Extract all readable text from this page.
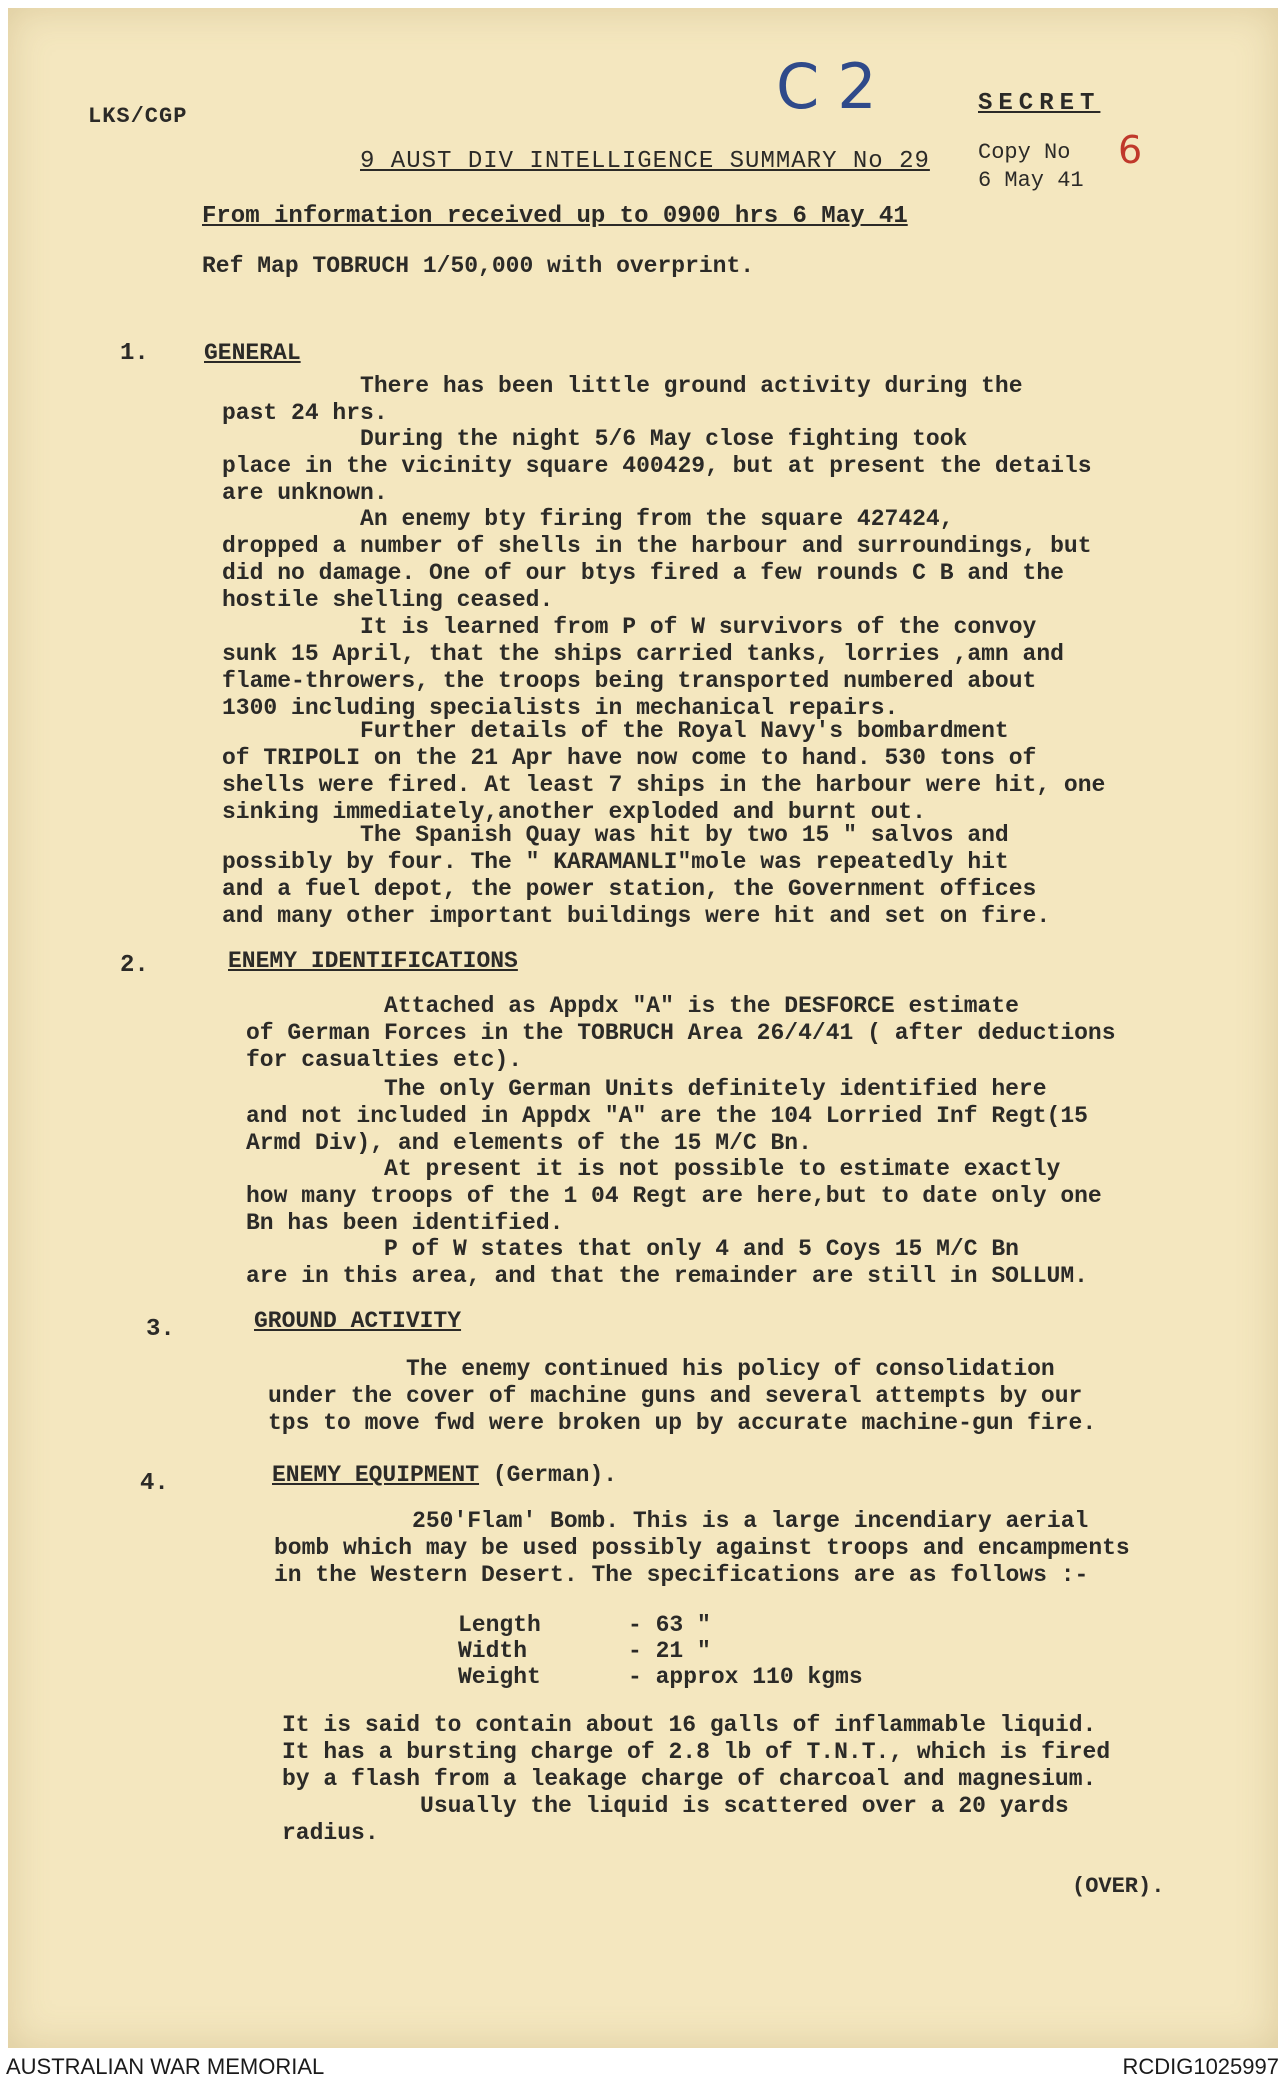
LKS/CGP	C2	SECRET
Copy No 6
6 May 41
9 AUST DIV INTELLIGENCE SUMMARY No 29
From information received up to 0900 hrs 6 May 41
Ref Map TOBRUCH 1/50,000 with overprint.
1. GENERAL
There has been little ground activity during the
past 24 hrs.
During the night 5/6 May close fighting took
place in the vicinity square 400429, but at present the details
are unknown.
An enemy bty firing from the square 427424,
dropped a number of shells in the harbour and surroundings, but
did no damage. One of our btys fired a few rounds C B and the
hostile shelling ceased.
It is learned from P of W survivors of the convoy
sunk 15 April, that the ships carried tanks, lorries ,amn and
flame-throwers, the troops being transported numbered about
1300 including specialists in mechanical repairs.
Further details of the Royal Navy's bombardment
of TRIPOLI on the 21 Apr have now come to hand. 530 tons of
shells were fired. At least 7 ships in the harbour were hit, one
sinking immediately,another exploded and burnt out.
The Spanish Quay was hit by two 15 " salvos and
possibly by four. The " KARAMANLI"mole was repeatedly hit
and a fuel depot, the power station, the Government offices
and many other important buildings were hit and set on fire.
2.	ENEMY IDENTIFICATIONS
Attached as Appdx "A" is the DESFORCE estimate
of German Forces in the TOBRUCH Area 26/4/41 ( after deductions
for casualties etc).
The only German Units definitely identified here
and not included in Appdx "A" are the 104 Lorried Inf Regt(15
Armd Div), and elements of the 15 M/C Bn.
At present it is not possible to estimate exactly
how many troops of the 1 04 Regt are here,but to date only one
Bn has been identified.
P of W states that only 4 and 5 Coys 15 M/C Bn
are in this area, and that the remainder are still in SOLLUM.
3.	GROUND ACTIVITY
The enemy continued his policy of consolidation
under the cover of machine guns and several attempts by our
tps to move fwd were broken up by accurate machine-gun fire.
4.	ENEMY EQUIPMENT (German).
250'Flam' Bomb. This is a large incendiary aerial
bomb which may be used possibly against troops and encampments
in the Western Desert. The specifications are as follows :-
Length	- 63 "
Width	- 21 "
Weight	- approx 110 kgms
It is said to contain about 16 galls of inflammable liquid.
It has a bursting charge of 2.8 lb of T.N.T., which is fired
by a flash from a leakage charge of charcoal and magnesium.
Usually the liquid is scattered over a 20 yards
radius.
(OVER).
AUSTRALIAN WAR MEMORIAL	RCDIG1025997
